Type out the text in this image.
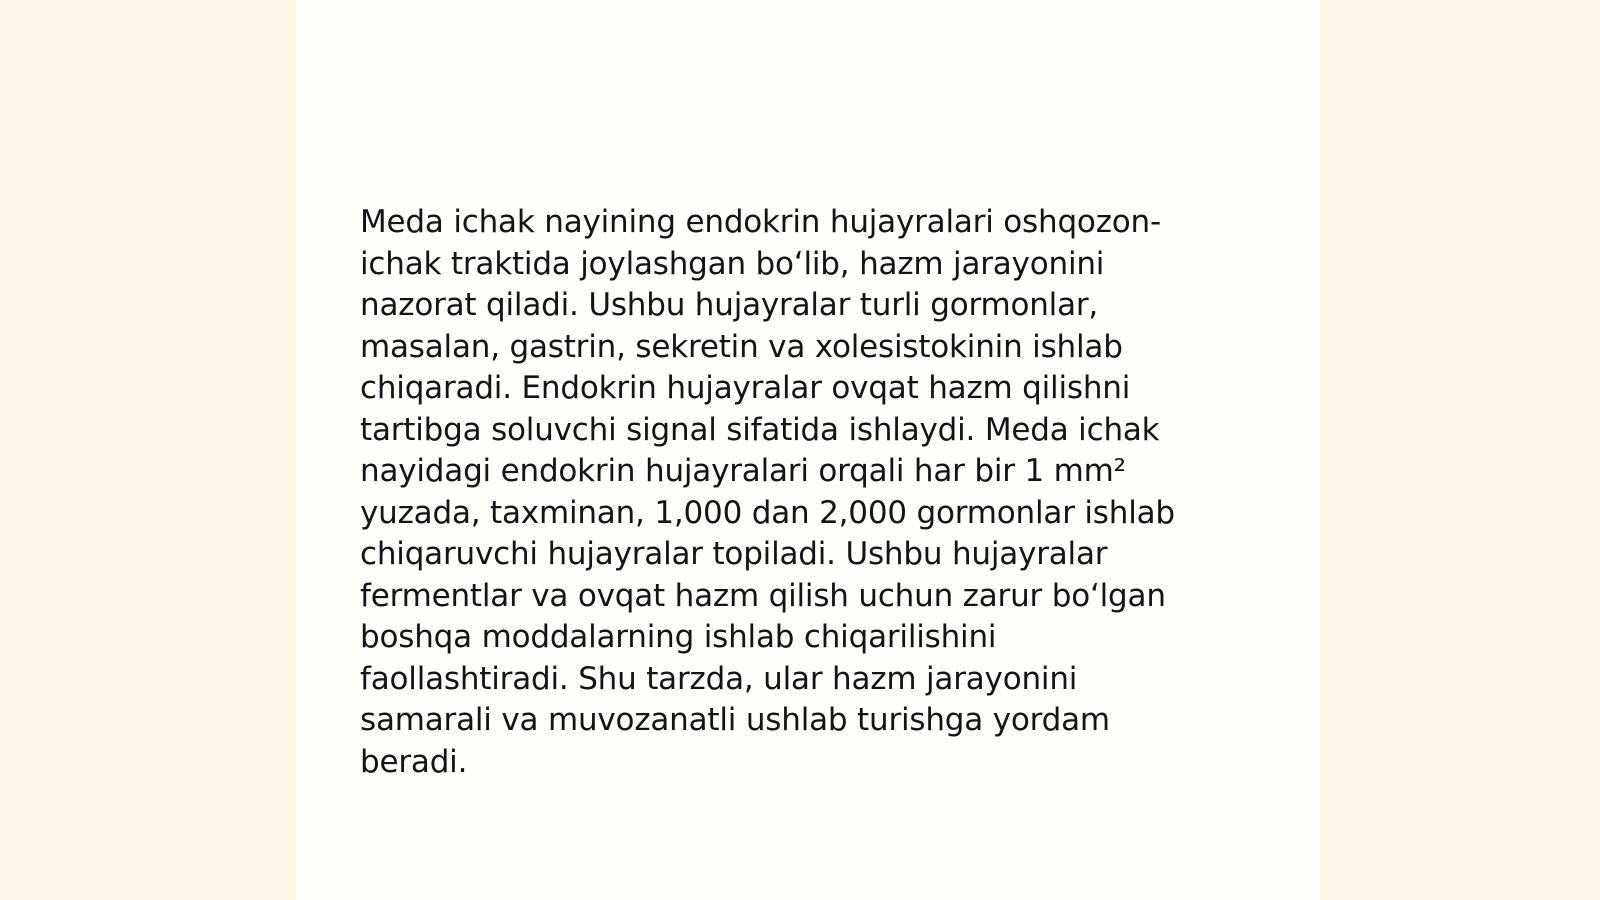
Meda ichak nayining endokrin hujayralari oshqozon-
ichak traktida joylashgan bo‘lib, hazm jarayonini
nazorat qiladi. Ushbu hujayralar turli gormonlar,
masalan, gastrin, sekretin va xolesistokinin ishlab
chiqaradi. Endokrin hujayralar ovqat hazm qilishni
tartibga soluvchi signal sifatida ishlaydi. Meda ichak
nayidagi endokrin hujayralari orqali har bir 1 mm²
yuzada, taxminan, 1,000 dan 2,000 gormonlar ishlab
chiqaruvchi hujayralar topiladi. Ushbu hujayralar
fermentlar va ovqat hazm qilish uchun zarur bo‘lgan
boshqa moddalarning ishlab chiqarilishini
faollashtiradi. Shu tarzda, ular hazm jarayonini
samarali va muvozanatli ushlab turishga yordam
beradi.
